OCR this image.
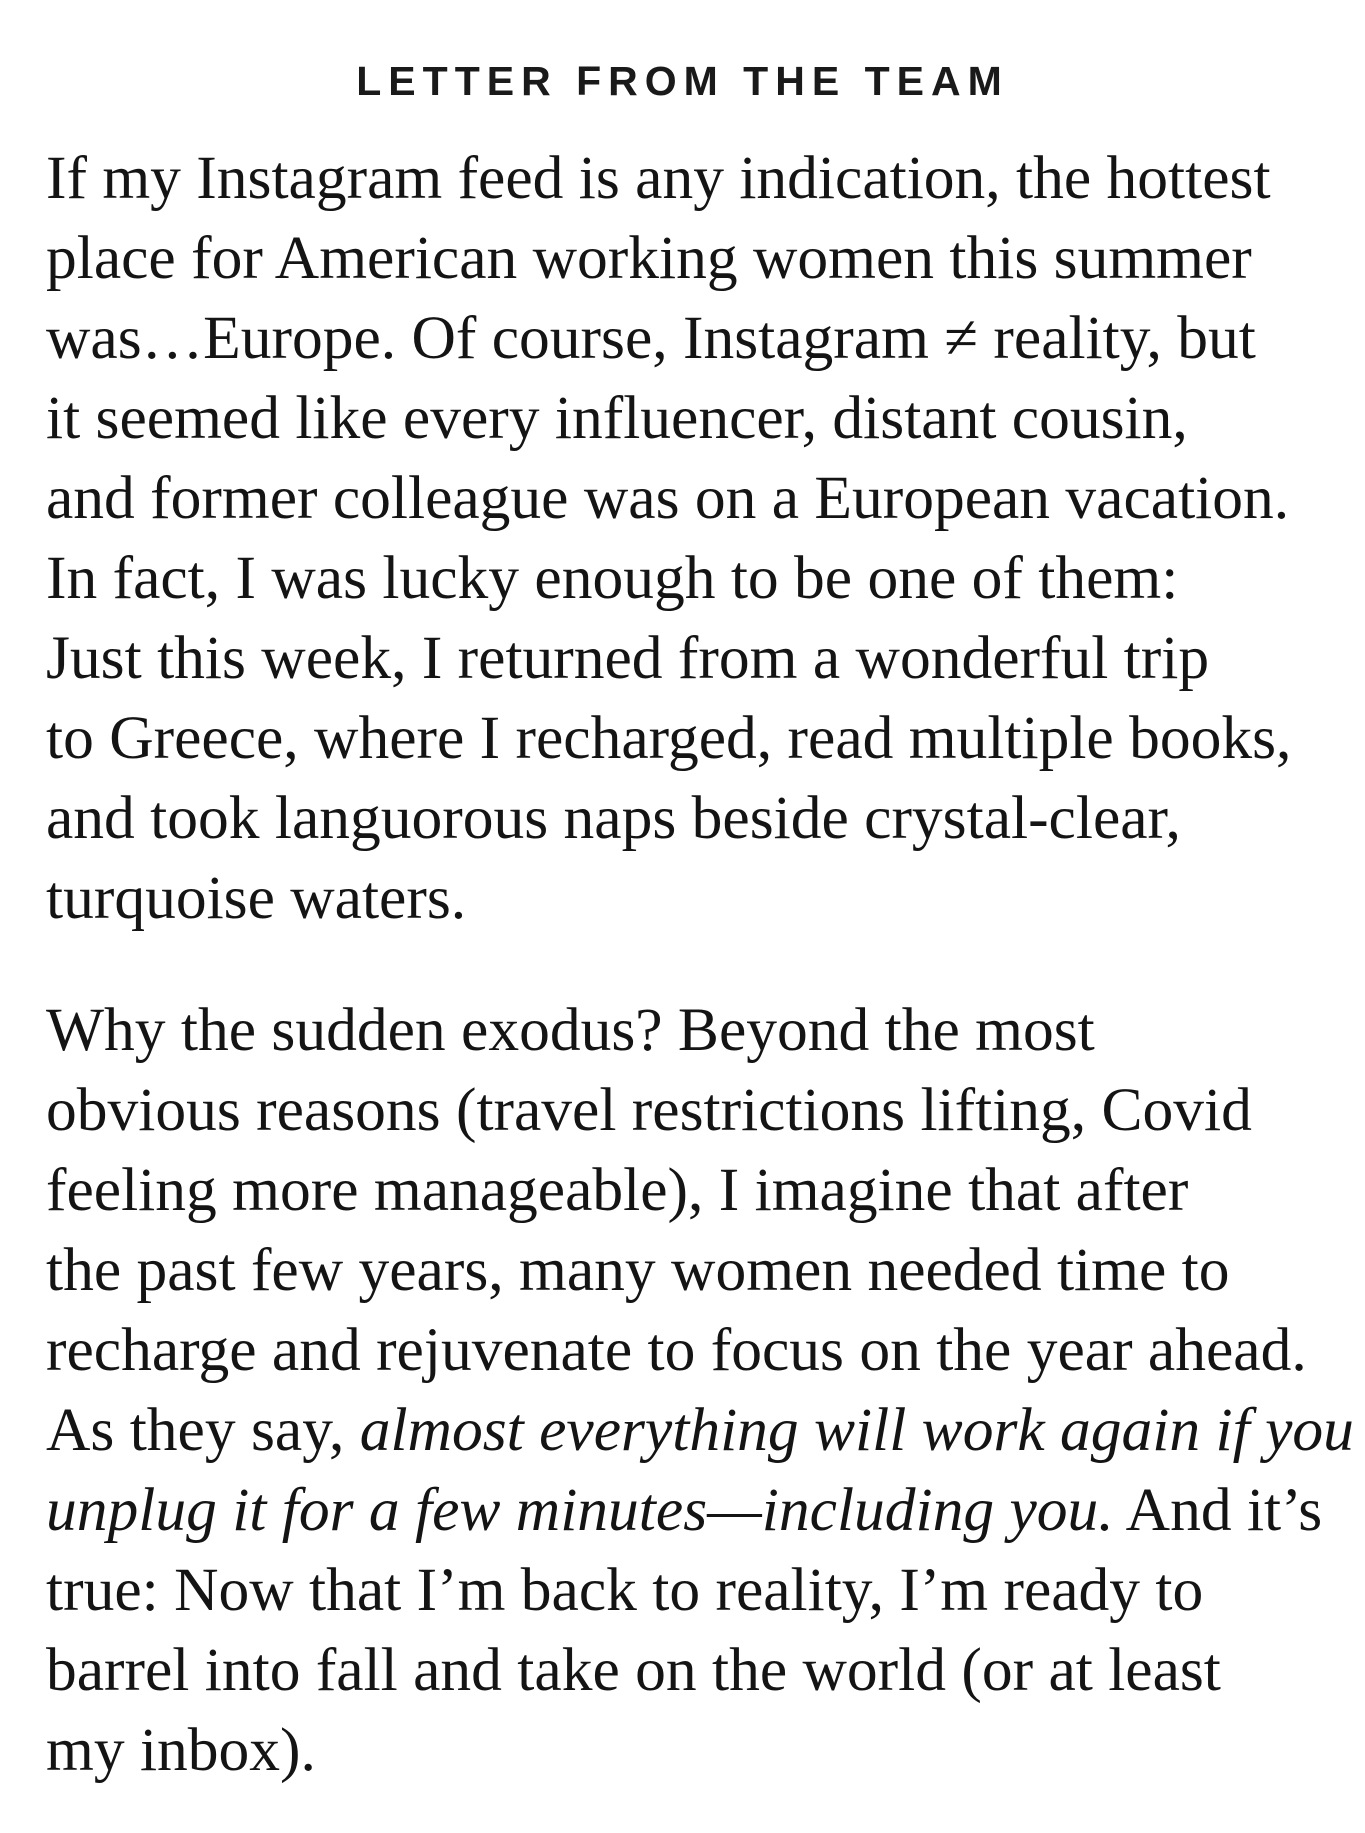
LETTER FROM THE TEAM
If my Instagram feed is any indication, the hottest
place for American working women this summer
was…Europe. Of course, Instagram ≠ reality, but
it seemed like every influencer, distant cousin,
and former colleague was on a European vacation.
In fact, I was lucky enough to be one of them:
Just this week, I returned from a wonderful trip
to Greece, where I recharged, read multiple books,
and took languorous naps beside crystal-clear,
turquoise waters.
Why the sudden exodus? Beyond the most
obvious reasons (travel restrictions lifting, Covid
feeling more manageable), I imagine that after
the past few years, many women needed time to
recharge and rejuvenate to focus on the year ahead.
As they say, almost everything will work again if you
unplug it for a few minutes—including you. And it’s
true: Now that I’m back to reality, I’m ready to
barrel into fall and take on the world (or at least
my inbox).
